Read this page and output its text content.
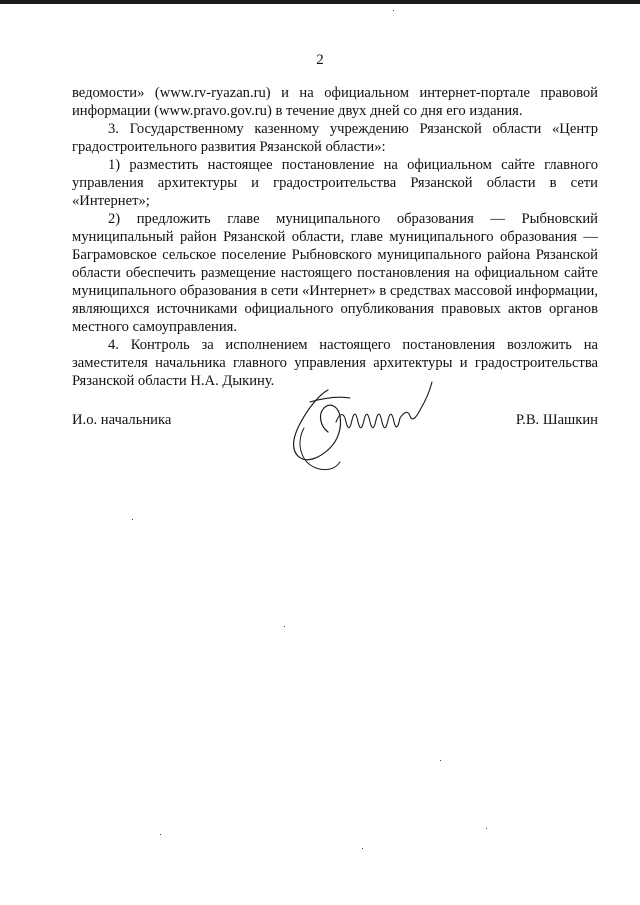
2

ведомости» (www.rv-ryazan.ru) и на официальном интернет-портале правовой информации (www.pravo.gov.ru) в течение двух дней со дня его издания.

3. Государственному казенному учреждению Рязанской области «Центр градостроительного развития Рязанской области»:

1) разместить настоящее постановление на официальном сайте главного управления архитектуры и градостроительства Рязанской области в сети «Интернет»;

2) предложить главе муниципального образования — Рыбновский муниципальный район Рязанской области, главе муниципального образования — Баграмовское сельское поселение Рыбновского муниципального района Рязанской области обеспечить размещение настоящего постановления на официальном сайте муниципального образования в сети «Интернет» в средствах массовой информации, являющихся источниками официального опубликования правовых актов органов местного самоуправления.

4. Контроль за исполнением настоящего постановления возложить на заместителя начальника главного управления архитектуры и градостроительства Рязанской области Н.А. Дыкину.

И.о. начальника	Р.В. Шашкин
